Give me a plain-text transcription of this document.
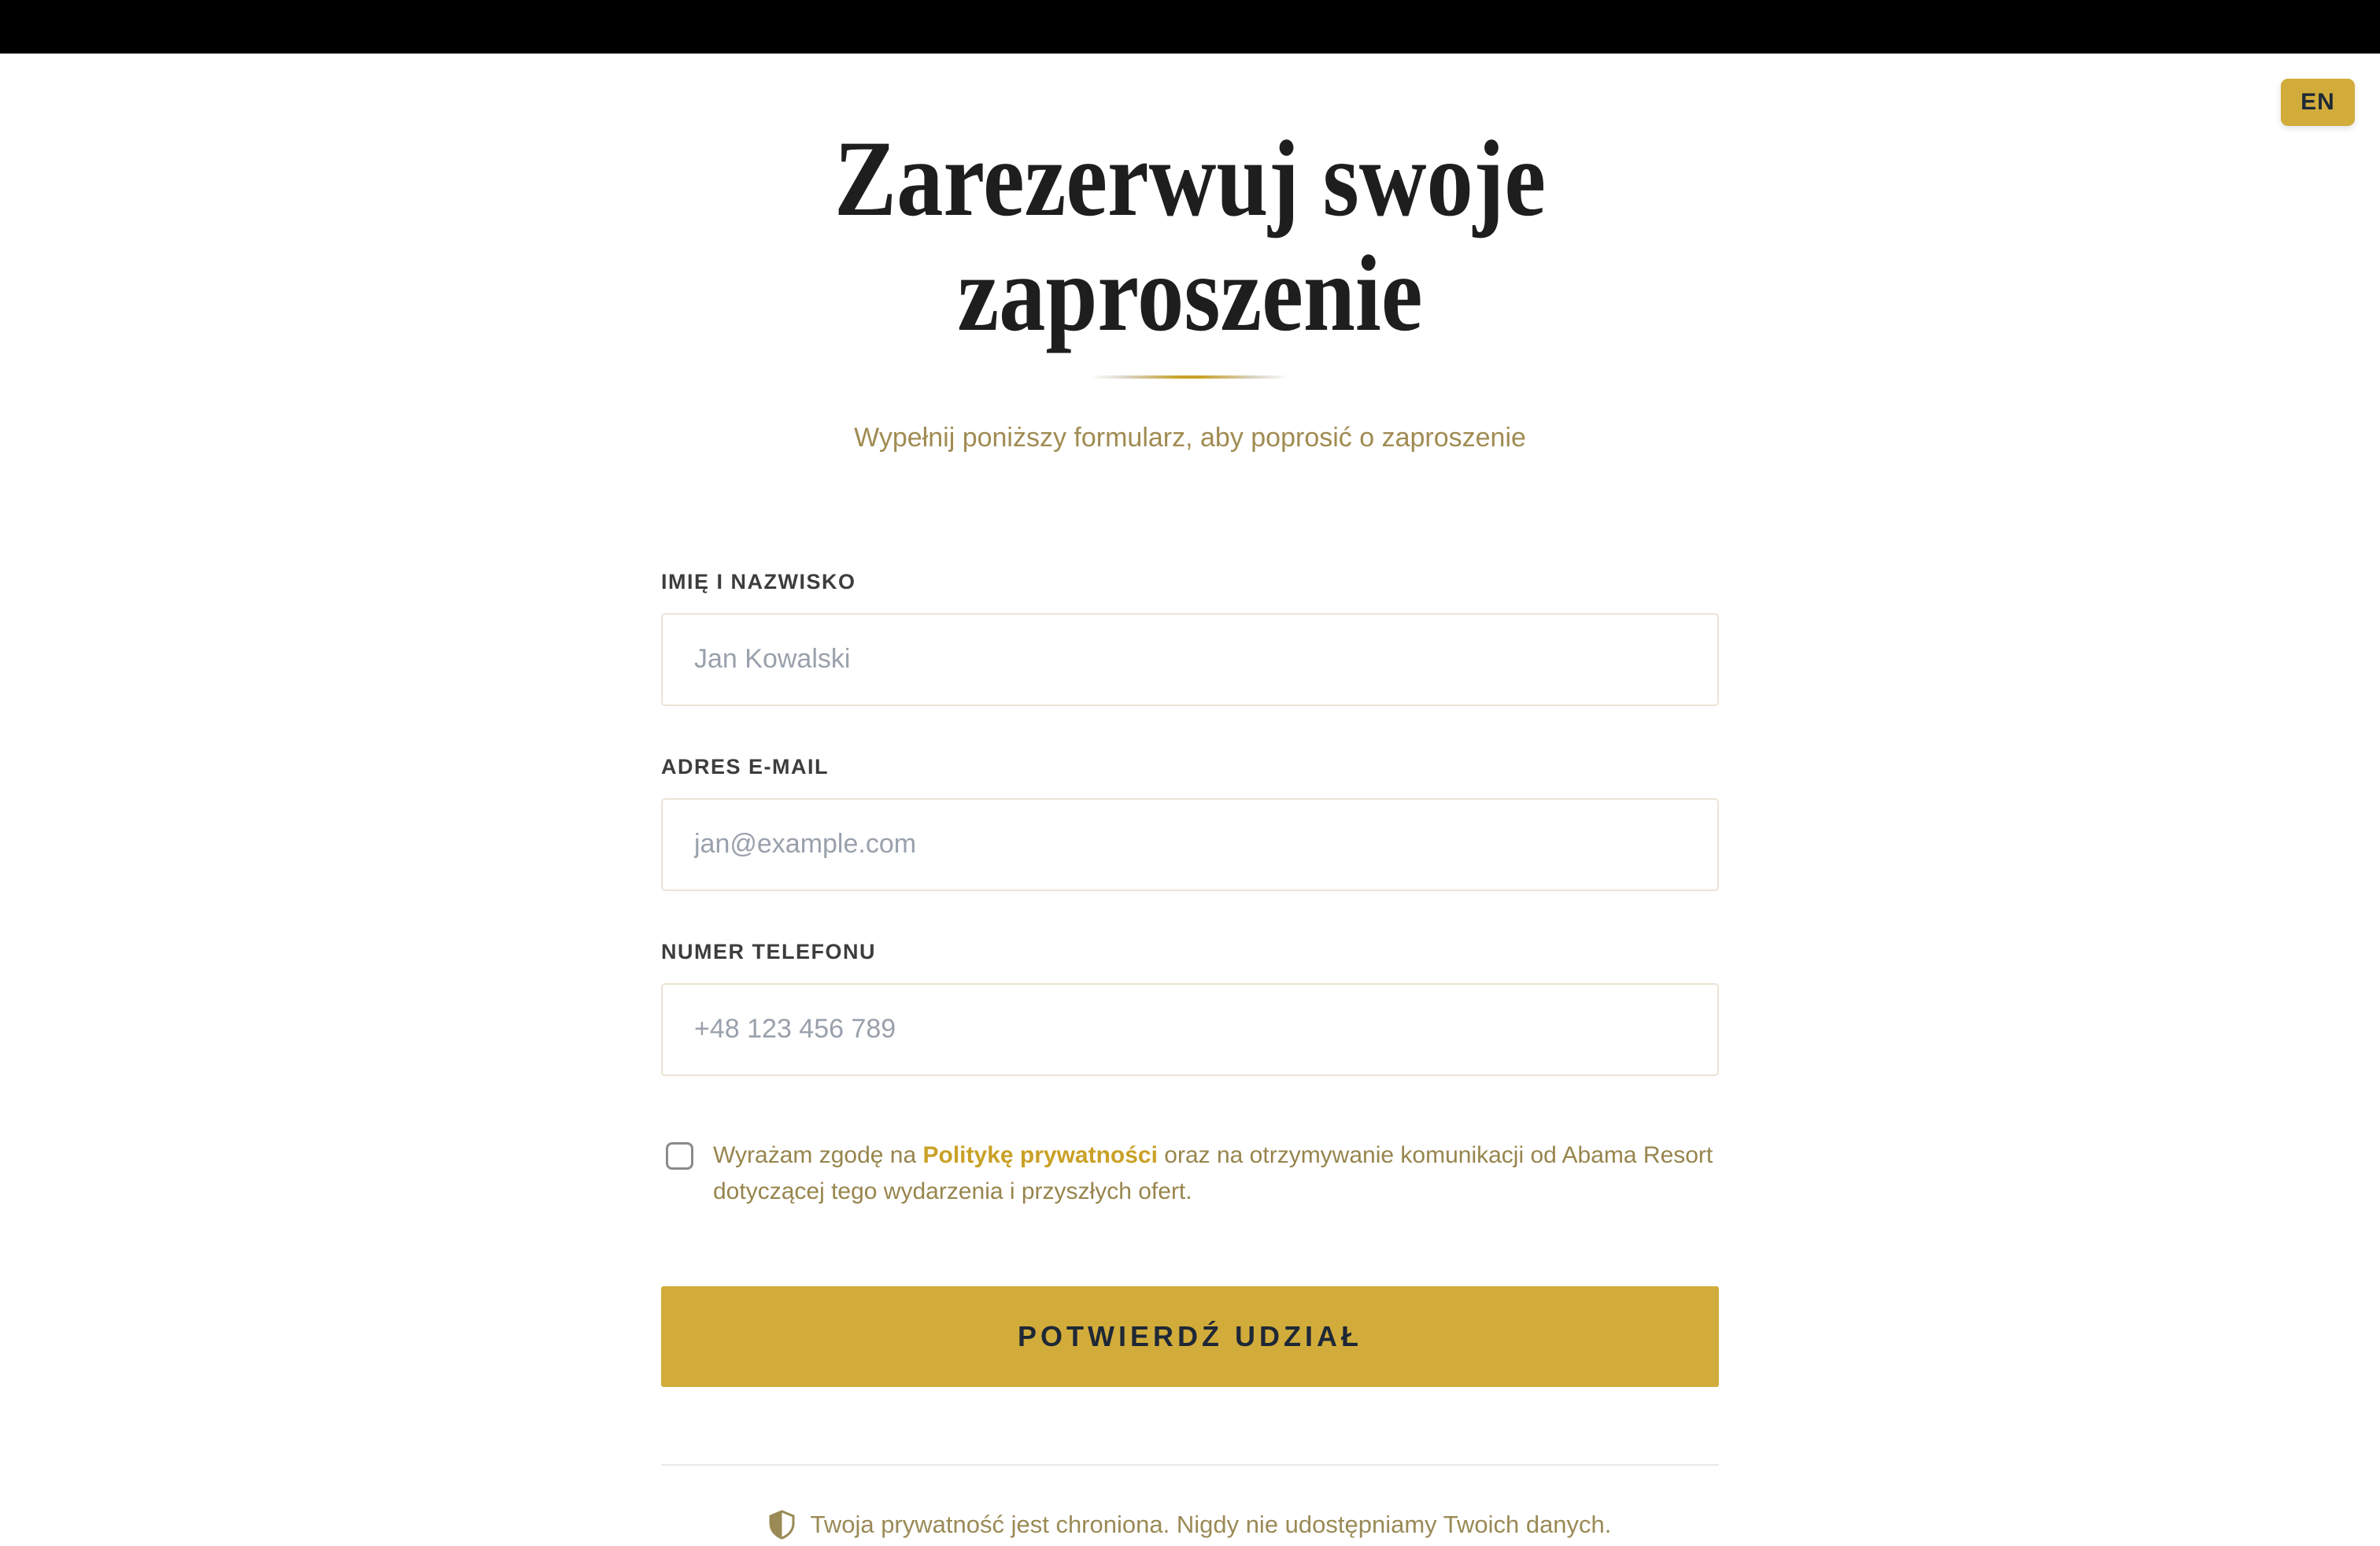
EN
Zarezerwuj swoje zaproszenie

Wypełnij poniższy formularz, aby poprosić o zaproszenie

IMIĘ I NAZWISKO
Jan Kowalski
ADRES E-MAIL
jan@example.com
NUMER TELEFONU
+48 123 456 789
Wyrażam zgodę na Politykę prywatności oraz na otrzymywanie komunikacji od Abama Resort dotyczącej tego wydarzenia i przyszłych ofert.
POTWIERDŹ UDZIAŁ
Twoja prywatność jest chroniona. Nigdy nie udostępniamy Twoich danych.
